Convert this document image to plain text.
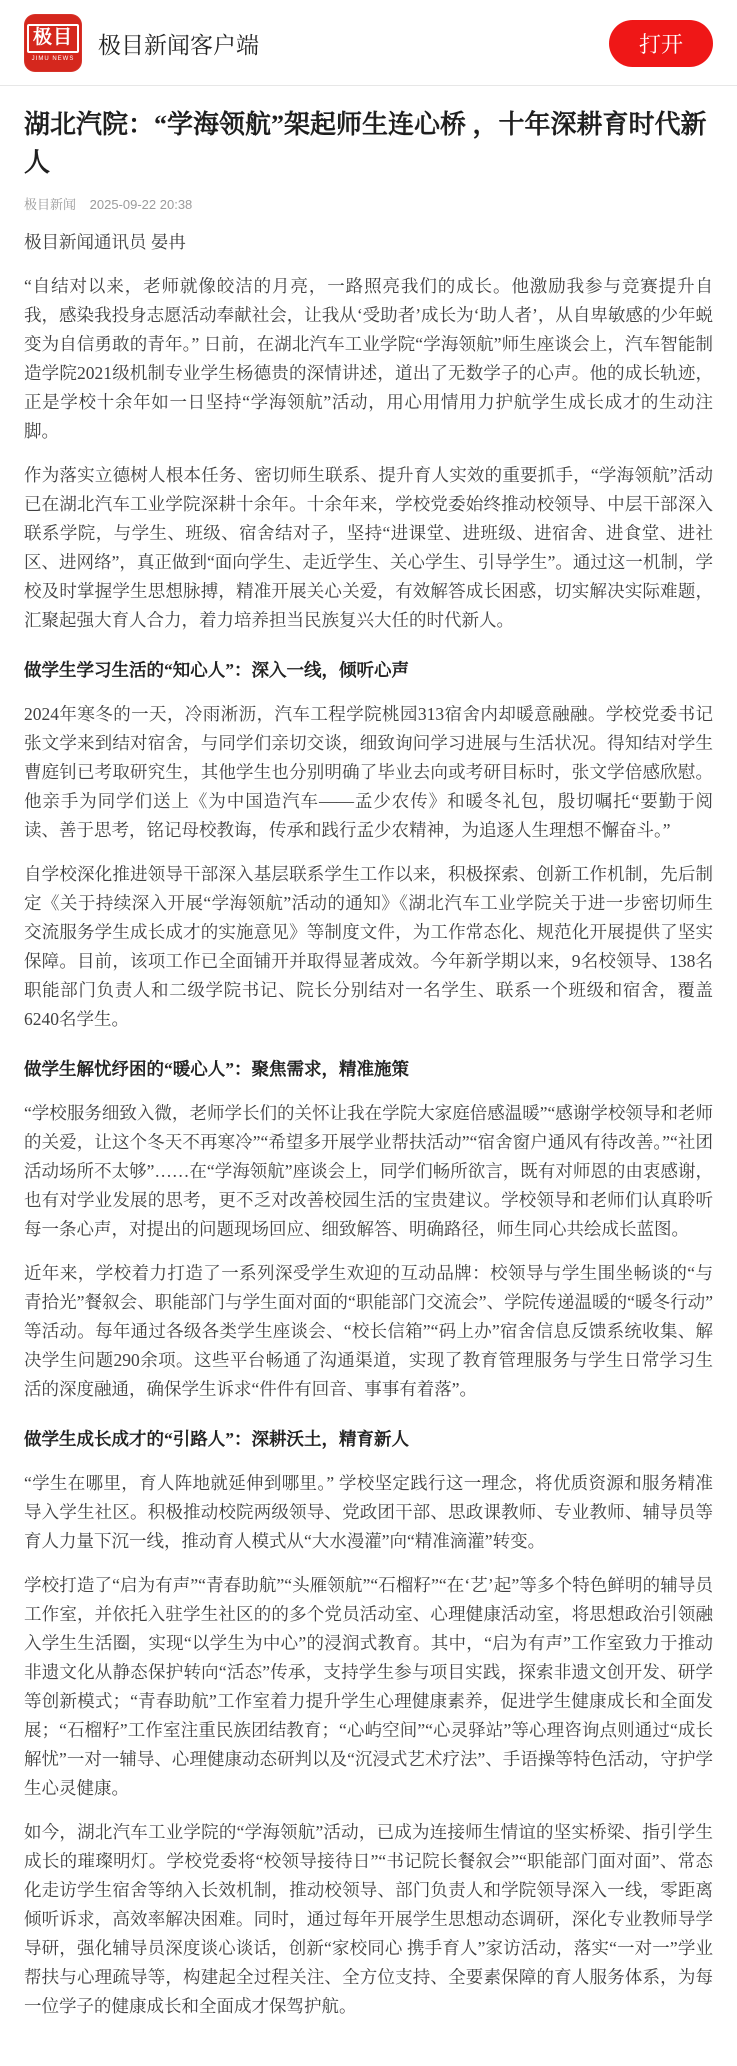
极目
JIMU NEWS
极目新闻客户端	打开
湖北汽院：“学海领航”架起师生连心桥 ，十年深耕育时代新人
极目新闻 2025-09-22 20:38

极目新闻通讯员 晏冉

“自结对以来，老师就像皎洁的月亮，一路照亮我们的成长。他激励我参与竞赛提升自我，感染我投身志愿活动奉献社会，让我从‘受助者’成长为‘助人者’，从自卑敏感的少年蜕变为自信勇敢的青年。” 日前，在湖北汽车工业学院“学海领航”师生座谈会上，汽车智能制造学院2021级机制专业学生杨德贵的深情讲述，道出了无数学子的心声。他的成长轨迹，正是学校十余年如一日坚持“学海领航”活动，用心用情用力护航学生成长成才的生动注脚。

作为落实立德树人根本任务、密切师生联系、提升育人实效的重要抓手，“学海领航”活动已在湖北汽车工业学院深耕十余年。十余年来，学校党委始终推动校领导、中层干部深入联系学院，与学生、班级、宿舍结对子，坚持“进课堂、进班级、进宿舍、进食堂、进社区、进网络”，真正做到“面向学生、走近学生、关心学生、引导学生”。通过这一机制，学校及时掌握学生思想脉搏，精准开展关心关爱，有效解答成长困惑，切实解决实际难题，汇聚起强大育人合力，着力培养担当民族复兴大任的时代新人。

做学生学习生活的“知心人”：深入一线，倾听心声

2024年寒冬的一天，冷雨淅沥，汽车工程学院桃园313宿舍内却暖意融融。学校党委书记张文学来到结对宿舍，与同学们亲切交谈，细致询问学习进展与生活状况。得知结对学生曹庭钊已考取研究生，其他学生也分别明确了毕业去向或考研目标时，张文学倍感欣慰。他亲手为同学们送上《为中国造汽车——孟少农传》和暖冬礼包，殷切嘱托“要勤于阅读、善于思考，铭记母校教诲，传承和践行孟少农精神，为追逐人生理想不懈奋斗。”

自学校深化推进领导干部深入基层联系学生工作以来，积极探索、创新工作机制，先后制定《关于持续深入开展“学海领航”活动的通知》《湖北汽车工业学院关于进一步密切师生交流服务学生成长成才的实施意见》等制度文件，为工作常态化、规范化开展提供了坚实保障。目前，该项工作已全面铺开并取得显著成效。今年新学期以来，9名校领导、138名职能部门负责人和二级学院书记、院长分别结对一名学生、联系一个班级和宿舍，覆盖6240名学生。

做学生解忧纾困的“暖心人”：聚焦需求，精准施策

“学校服务细致入微，老师学长们的关怀让我在学院大家庭倍感温暖”“感谢学校领导和老师的关爱，让这个冬天不再寒冷”“希望多开展学业帮扶活动”“宿舍窗户通风有待改善。”“社团活动场所不太够”……在“学海领航”座谈会上，同学们畅所欲言，既有对师恩的由衷感谢，也有对学业发展的思考，更不乏对改善校园生活的宝贵建议。学校领导和老师们认真聆听每一条心声，对提出的问题现场回应、细致解答、明确路径，师生同心共绘成长蓝图。

近年来，学校着力打造了一系列深受学生欢迎的互动品牌：校领导与学生围坐畅谈的“与青拾光”餐叙会、职能部门与学生面对面的“职能部门交流会”、学院传递温暖的“暖冬行动”等活动。每年通过各级各类学生座谈会、“校长信箱”“码上办”宿舍信息反馈系统收集、解决学生问题290余项。这些平台畅通了沟通渠道，实现了教育管理服务与学生日常学习生活的深度融通，确保学生诉求“件件有回音、事事有着落”。

做学生成长成才的“引路人”：深耕沃土，精育新人

“学生在哪里，育人阵地就延伸到哪里。” 学校坚定践行这一理念，将优质资源和服务精准导入学生社区。积极推动校院两级领导、党政团干部、思政课教师、专业教师、辅导员等育人力量下沉一线，推动育人模式从“大水漫灌”向“精准滴灌”转变。

学校打造了“启为有声”“青春助航”“头雁领航”“石榴籽”“在‘艺’起”等多个特色鲜明的辅导员工作室，并依托入驻学生社区的的多个党员活动室、心理健康活动室，将思想政治引领融入学生生活圈，实现“以学生为中心”的浸润式教育。其中，“启为有声”工作室致力于推动非遗文化从静态保护转向“活态”传承，支持学生参与项目实践，探索非遗文创开发、研学等创新模式；“青春助航”工作室着力提升学生心理健康素养，促进学生健康成长和全面发展；“石榴籽”工作室注重民族团结教育；“心屿空间”“心灵驿站”等心理咨询点则通过“成长解忧”一对一辅导、心理健康动态研判以及“沉浸式艺术疗法”、手语操等特色活动，守护学生心灵健康。

如今，湖北汽车工业学院的“学海领航”活动，已成为连接师生情谊的坚实桥梁、指引学生成长的璀璨明灯。学校党委将“校领导接待日”“书记院长餐叙会”“职能部门面对面”、常态化走访学生宿舍等纳入长效机制，推动校领导、部门负责人和学院领导深入一线，零距离倾听诉求，高效率解决困难。同时，通过每年开展学生思想动态调研，深化专业教师导学导研，强化辅导员深度谈心谈话，创新“家校同心 携手育人”家访活动，落实“一对一”学业帮扶与心理疏导等，构建起全过程关注、全方位支持、全要素保障的育人服务体系，为每一位学子的健康成长和全面成才保驾护航。
